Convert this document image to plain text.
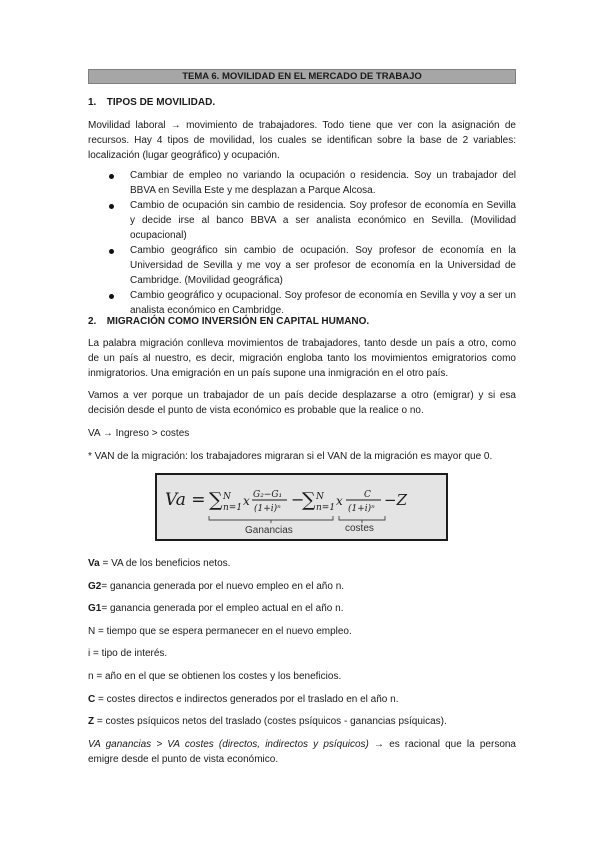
TEMA 6. MOVILIDAD EN EL MERCADO DE TRABAJO
1. TIPOS DE MOVILIDAD.

Movilidad laboral → movimiento de trabajadores. Todo tiene que ver con la asignación de recursos. Hay 4 tipos de movilidad, los cuales se identifican sobre la base de 2 variables: localización (lugar geográfico) y ocupación.

Cambiar de empleo no variando la ocupación o residencia. Soy un trabajador del BBVA en Sevilla Este y me desplazan a Parque Alcosa.
Cambio de ocupación sin cambio de residencia. Soy profesor de economía en Sevilla y decide irse al banco BBVA a ser analista económico en Sevilla. (Movilidad ocupacional)
Cambio geográfico sin cambio de ocupación. Soy profesor de economía en la Universidad de Sevilla y me voy a ser profesor de economía en la Universidad de Cambridge. (Movilidad geográfica)
Cambio geográfico y ocupacional. Soy profesor de economía en Sevilla y voy a ser un analista económico en Cambridge.
2. MIGRACIÓN COMO INVERSIÓN EN CAPITAL HUMANO.

La palabra migración conlleva movimientos de trabajadores, tanto desde un país a otro, como de un país al nuestro, es decir, migración engloba tanto los movimientos emigratorios como inmigratorios. Una emigración en un país supone una inmigración en el otro país.

Vamos a ver porque un trabajador de un país decide desplazarse a otro (emigrar) y si esa decisión desde el punto de vista económico es probable que la realice o no.

VA → Ingreso > costes

* VAN de la migración: los trabajadores migraran si el VAN de la migración es mayor que 0.

Va = ∑ N
n=1 x G₂−G₁
(1+i)ⁿ −
∑ N
n=1 x C
(1+i)ⁿ −Z
Ganancias	costes

Va = VA de los beneficios netos.

G2= ganancia generada por el nuevo empleo en el año n.

G1= ganancia generada por el empleo actual en el año n.

N = tiempo que se espera permanecer en el nuevo empleo.

i = tipo de interés.

n = año en el que se obtienen los costes y los beneficios.

C = costes directos e indirectos generados por el traslado en el año n.

Z = costes psíquicos netos del traslado (costes psíquicos - ganancias psíquicas).

VA ganancias > VA costes (directos, indirectos y psíquicos) → es racional que la persona emigre desde el punto de vista económico.
